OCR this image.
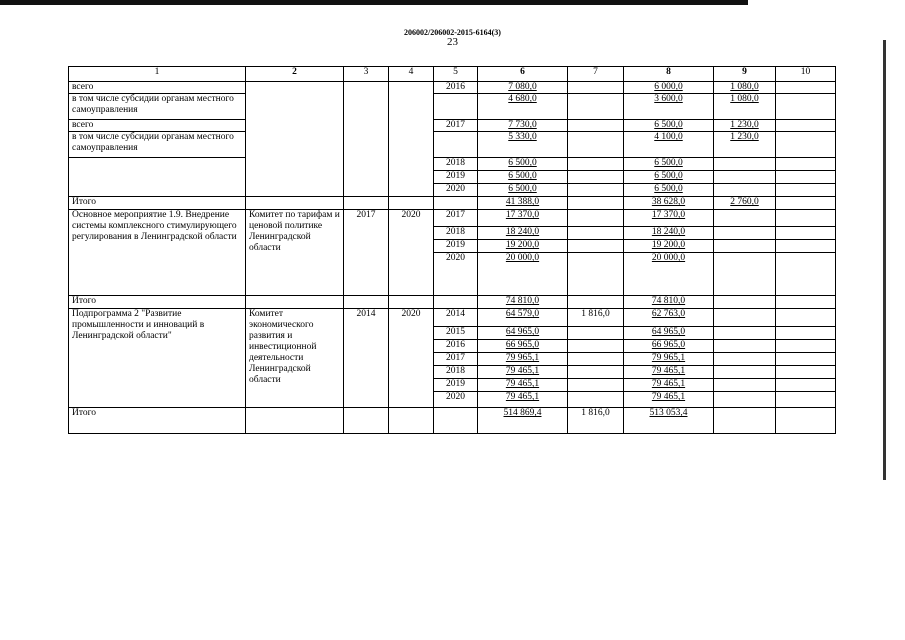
206002/206002-2015-6164(3)
23
1	2	3	4	5	6	7	8	9	10
всего				2016	7 080,0		6 000,0	1 080,0	
в том числе субсидии органам местного самоуправления					4 680,0		3 600,0	1 080,0	
всего				2017	7 730,0		6 500,0	1 230,0	
в том числе субсидии органам местного самоуправления					5 330,0		4 100,0	1 230,0	
				2018	6 500,0		6 500,0		
				2019	6 500,0		6 500,0		
				2020	6 500,0		6 500,0		
Итого					41 388,0		38 628,0	2 760,0	
Основное мероприятие 1.9. Внедрение системы комплексного стимулирующего регулирования в Ленинградской области	Комитет по тарифам и ценовой политике Ленинградской области	2017	2020	2017	17 370,0		17 370,0		
				2018	18 240,0		18 240,0		
				2019	19 200,0		19 200,0		
				2020	20 000,0		20 000,0		
Итого					74 810,0		74 810,0		
Подпрограмма 2 "Развитие промышленности и инноваций в Ленинградской области"	Комитет экономического развития и инвестиционной деятельности Ленинградской области	2014	2020	2014	64 579,0	1 816,0	62 763,0		
				2015	64 965,0		64 965,0		
				2016	66 965,0		66 965,0		
				2017	79 965,1		79 965,1		
				2018	79 465,1		79 465,1		
				2019	79 465,1		79 465,1		
				2020	79 465,1		79 465,1		
Итого					514 869,4	1 816,0	513 053,4		
